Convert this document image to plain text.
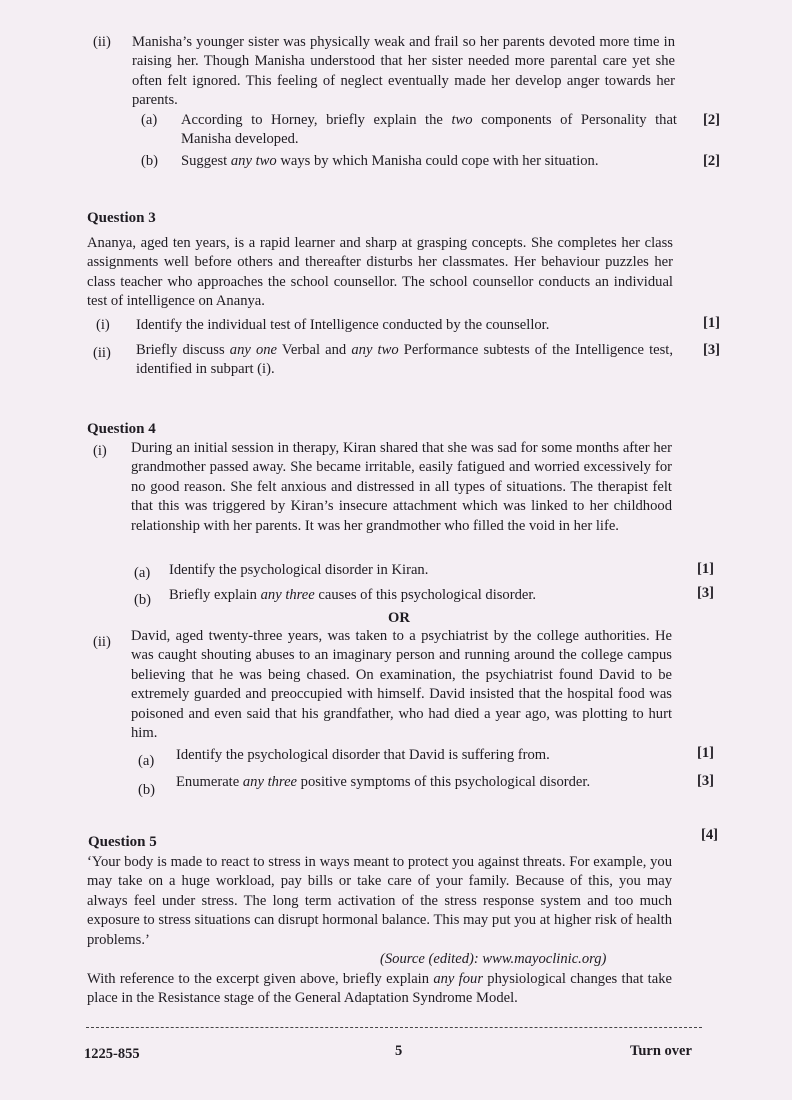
(ii) Manisha’s younger sister was physically weak and frail so her parents devoted more time in raising her. Though Manisha understood that her sister needed more parental care yet she often felt ignored. This feeling of neglect eventually made her develop anger towards her parents.
(a) According to Horney, briefly explain the two components of Personality that Manisha developed.
[2]
(b) Suggest any two ways by which Manisha could cope with her situation.	[2]
Question 3
Ananya, aged ten years, is a rapid learner and sharp at grasping concepts. She completes her class assignments well before others and thereafter disturbs her classmates. Her behaviour puzzles her class teacher who approaches the school counsellor. The school counsellor conducts an individual test of intelligence on Ananya.
(i) Identify the individual test of Intelligence conducted by the counsellor.	[1]
(ii) Briefly discuss any one Verbal and any two Performance subtests of the Intelligence test, identified in subpart (i).
[3]
Question 4
(i) During an initial session in therapy, Kiran shared that she was sad for some months after her grandmother passed away. She became irritable, easily fatigued and worried excessively for no good reason. She felt anxious and distressed in all types of situations. The therapist felt that this was triggered by Kiran’s insecure attachment which was linked to her childhood relationship with her parents. It was her grandmother who filled the void in her life.
(a) Identify the psychological disorder in Kiran.	[1]
(b) Briefly explain any three causes of this psychological disorder.	[3]
OR
(ii) David, aged twenty-three years, was taken to a psychiatrist by the college authorities. He was caught shouting abuses to an imaginary person and running around the college campus believing that he was being chased. On examination, the psychiatrist found David to be extremely guarded and preoccupied with himself. David insisted that the hospital food was poisoned and even said that his grandfather, who had died a year ago, was plotting to hurt him.
(a) Identify the psychological disorder that David is suffering from.	[1]
(b) Enumerate any three positive symptoms of this psychological disorder.	[3]
Question 5	[4]
‘Your body is made to react to stress in ways meant to protect you against threats. For example, you may take on a huge workload, pay bills or take care of your family. Because of this, you may always feel under stress. The long term activation of the stress response system and too much exposure to stress situations can disrupt hormonal balance. This may put you at higher risk of health problems.’
(Source (edited): www.mayoclinic.org)
With reference to the excerpt given above, briefly explain any four physiological changes that take place in the Resistance stage of the General Adaptation Syndrome Model.
1225-855	5	Turn over
